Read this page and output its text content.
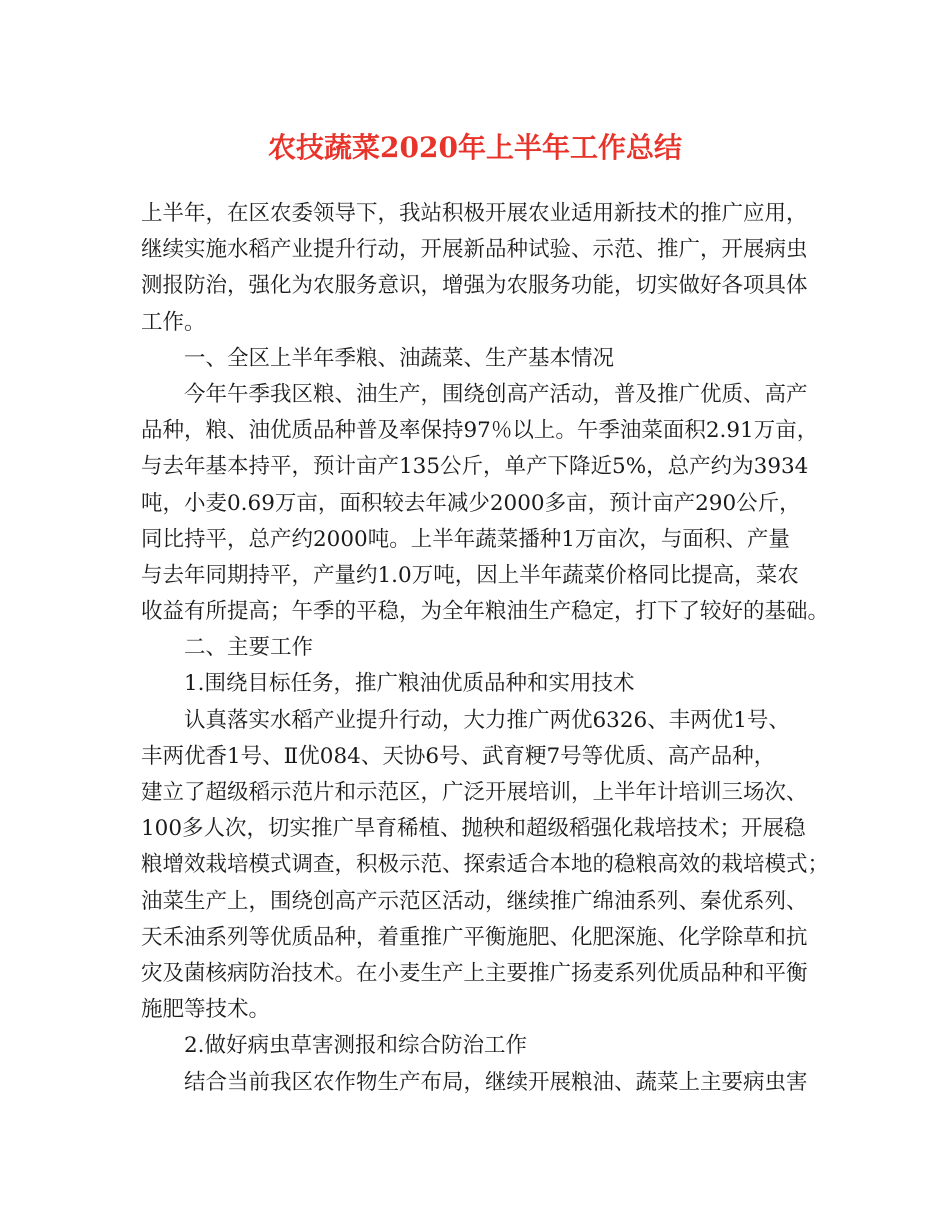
农技蔬菜2020年上半年工作总结
上半年，在区农委领导下，我站积极开展农业适用新技术的推广应用，
继续实施水稻产业提升行动，开展新品种试验、示范、推广，开展病虫
测报防治，强化为农服务意识，增强为农服务功能，切实做好各项具体
工作。
一、全区上半年季粮、油蔬菜、生产基本情况
今年午季我区粮、油生产，围绕创高产活动，普及推广优质、高产
品种，粮、油优质品种普及率保持97％以上。午季油菜面积2.91万亩，
与去年基本持平，预计亩产135公斤，单产下降近5%，总产约为3934
吨，小麦0.69万亩，面积较去年减少2000多亩，预计亩产290公斤，
同比持平，总产约2000吨。上半年蔬菜播种1万亩次，与面积、产量
与去年同期持平，产量约1.0万吨，因上半年蔬菜价格同比提高，菜农
收益有所提高；午季的平稳，为全年粮油生产稳定，打下了较好的基础。
二、主要工作
1.围绕目标任务，推广粮油优质品种和实用技术
认真落实水稻产业提升行动，大力推广两优6326、丰两优1号、
丰两优香1号、Ⅱ优084、天协6号、武育粳7号等优质、高产品种，
建立了超级稻示范片和示范区，广泛开展培训，上半年计培训三场次、
100多人次，切实推广旱育稀植、抛秧和超级稻强化栽培技术；开展稳
粮增效栽培模式调查，积极示范、探索适合本地的稳粮高效的栽培模式；
油菜生产上，围绕创高产示范区活动，继续推广绵油系列、秦优系列、
天禾油系列等优质品种，着重推广平衡施肥、化肥深施、化学除草和抗
灾及菌核病防治技术。在小麦生产上主要推广扬麦系列优质品种和平衡
施肥等技术。
2.做好病虫草害测报和综合防治工作
结合当前我区农作物生产布局，继续开展粮油、蔬菜上主要病虫害
